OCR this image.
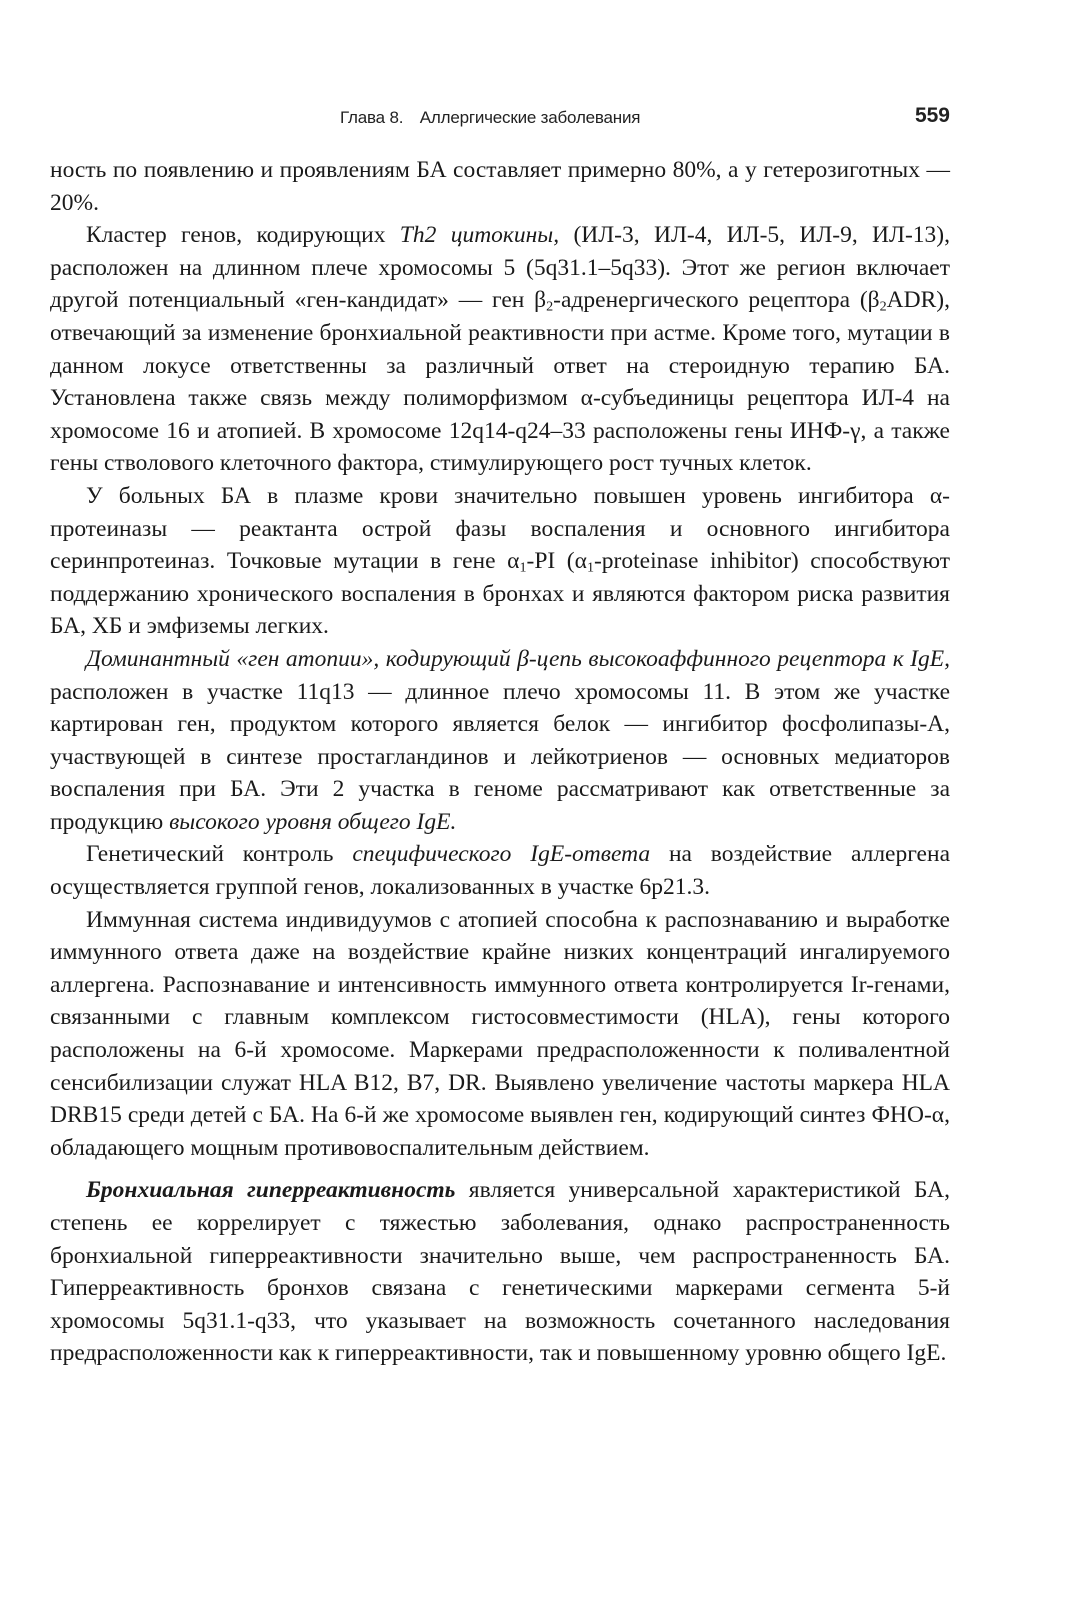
Глава 8. Аллергические заболевания	559

ность по появлению и проявлениям БА составляет примерно 80%, а у гетерозиготных — 20%.

Кластер генов, кодирующих Th2 цитокины, (ИЛ-3, ИЛ-4, ИЛ-5, ИЛ-9, ИЛ-13), расположен на длинном плече хромосомы 5 (5q31.1–5q33). Этот же регион включает другой потенциальный «ген-кандидат» — ген $\beta_2$-адренергического рецептора $(\beta_2ADR)$, отвечающий за изменение бронхиальной реактивности при астме. Кроме того, мутации в данном локусе ответственны за различный ответ на стероидную терапию БА. Установлена также связь между полиморфизмом α-субъединицы рецептора ИЛ-4 на хромосоме 16 и атопией. В хромосоме 12q14-q24–33 расположены гены ИНФ-γ, а также гены стволового клеточного фактора, стимулирующего рост тучных клеток.

У больных БА в плазме крови значительно повышен уровень ингибитора α-протеиназы — реактанта острой фазы воспаления и основного ингибитора серинпротеиназ. Точковые мутации в гене $\alpha_1-PI$ ($\alpha_1$-proteinase inhibitor) способствуют поддержанию хронического воспаления в бронхах и являются фактором риска развития БА, ХБ и эмфиземы легких.

Доминантный «ген атопии», кодирующий β-цепь высокоаффинного рецептора к IgE, расположен в участке 11q13 — длинное плечо хромосомы 11. В этом же участке картирован ген, продуктом которого является белок — ингибитор фосфолипазы-А, участвующей в синтезе простагландинов и лейкотриенов — основных медиаторов воспаления при БА. Эти 2 участка в геноме рассматривают как ответственные за продукцию высокого уровня общего IgE.

Генетический контроль специфического IgE-ответа на воздействие аллергена осуществляется группой генов, локализованных в участке 6p21.3.

Иммунная система индивидуумов с атопией способна к распознаванию и выработке иммунного ответа даже на воздействие крайне низких концентраций ингалируемого аллергена. Распознавание и интенсивность иммунного ответа контролируется Ir-генами, связанными с главным комплексом гистосовместимости (HLA), гены которого расположены на 6-й хромосоме. Маркерами предрасположенности к поливалентной сенсибилизации служат HLA B12, B7, DR. Выявлено увеличение частоты маркера HLA DRB15 среди детей с БА. На 6-й же хромосоме выявлен ген, кодирующий синтез ФНО-α, обладающего мощным противовоспалительным действием.

Бронхиальная гиперреактивность является универсальной характеристикой БА, степень ее коррелирует с тяжестью заболевания, однако распространенность бронхиальной гиперреактивности значительно выше, чем распространенность БА. Гиперреактивность бронхов связана с генетическими маркерами сегмента 5-й хромосомы 5q31.1-q33, что указывает на возможность сочетанного наследования предрасположенности как к гиперреактивности, так и повышенному уровню общего IgE.
